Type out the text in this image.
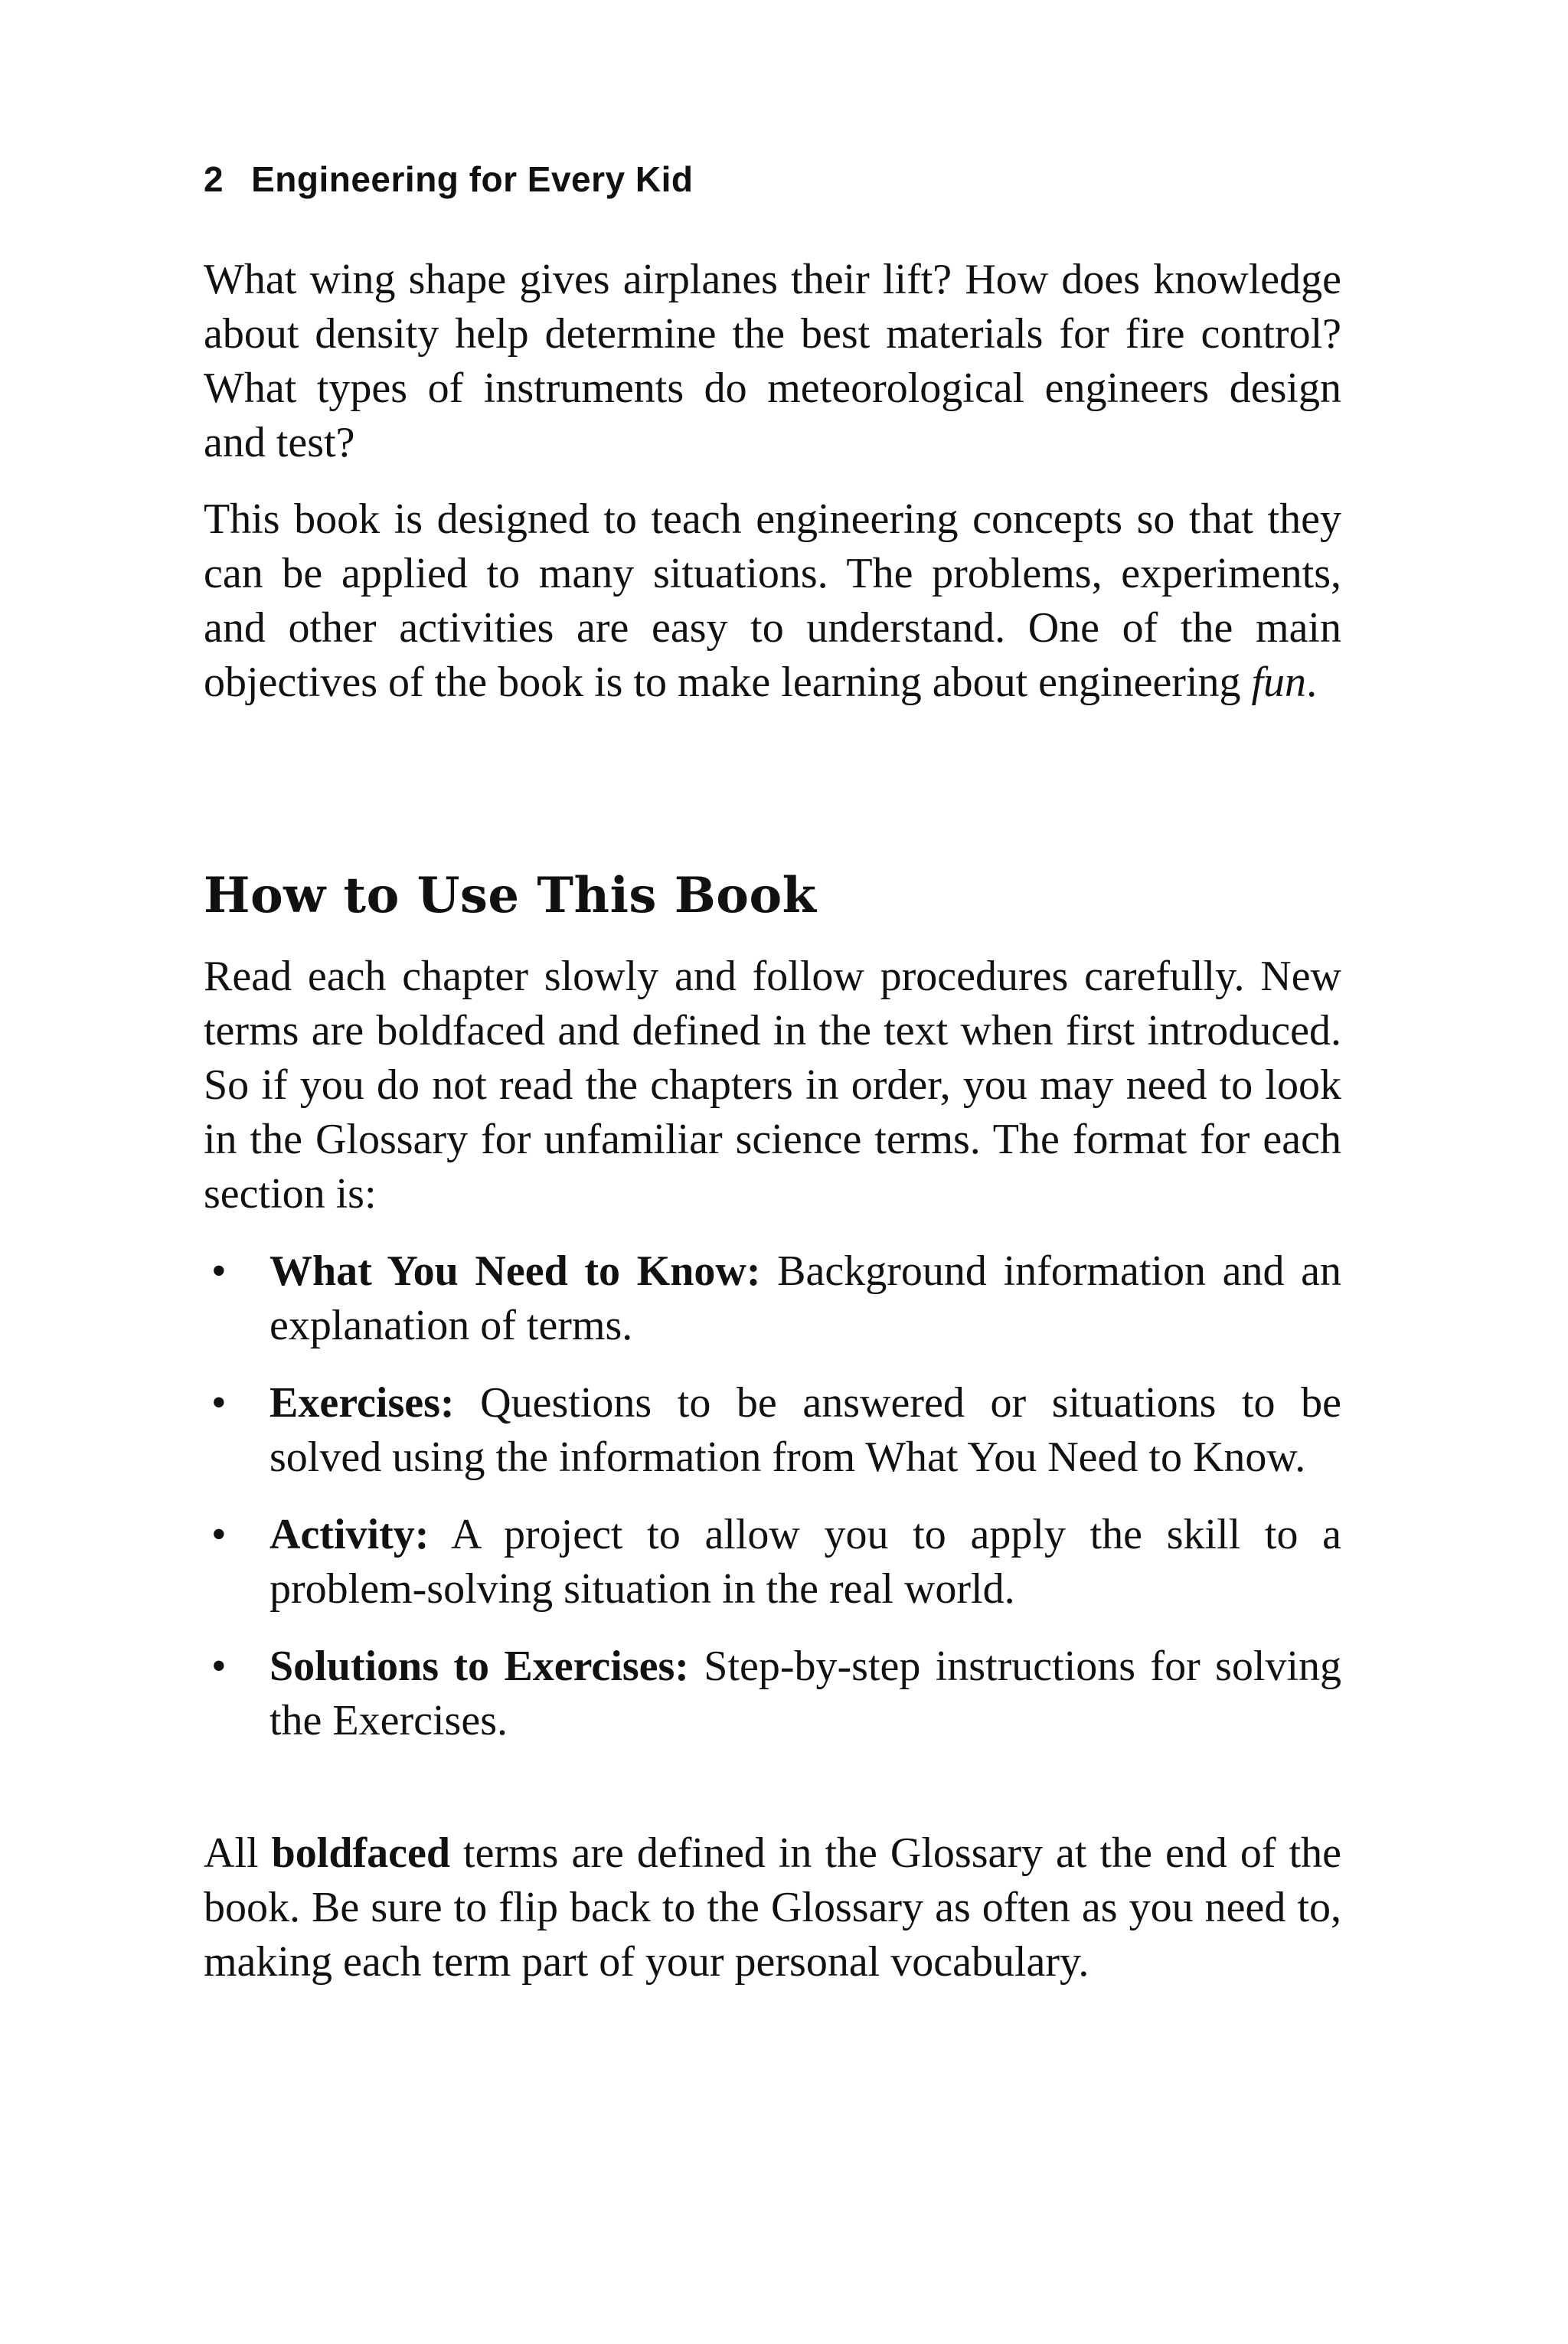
2 Engineering for Every Kid

What wing shape gives airplanes their lift? How does knowledge about density help determine the best materials for fire control? What types of instruments do meteorological engineers design and test?

This book is designed to teach engineering concepts so that they can be applied to many situations. The problems, experiments, and other activities are easy to understand. One of the main objectives of the book is to make learning about engineering fun.

How to Use This Book

Read each chapter slowly and follow procedures carefully. New terms are boldfaced and defined in the text when first introduced. So if you do not read the chapters in order, you may need to look in the Glossary for unfamiliar science terms. The format for each section is:

•	What You Need to Know: Background information and an explanation of terms.
•	Exercises: Questions to be answered or situations to be solved using the information from What You Need to Know.
•	Activity: A project to allow you to apply the skill to a problem-solving situation in the real world.
•	Solutions to Exercises: Step-by-step instructions for solving the Exercises.

All boldfaced terms are defined in the Glossary at the end of the book. Be sure to flip back to the Glossary as often as you need to, making each term part of your personal vocabulary.
